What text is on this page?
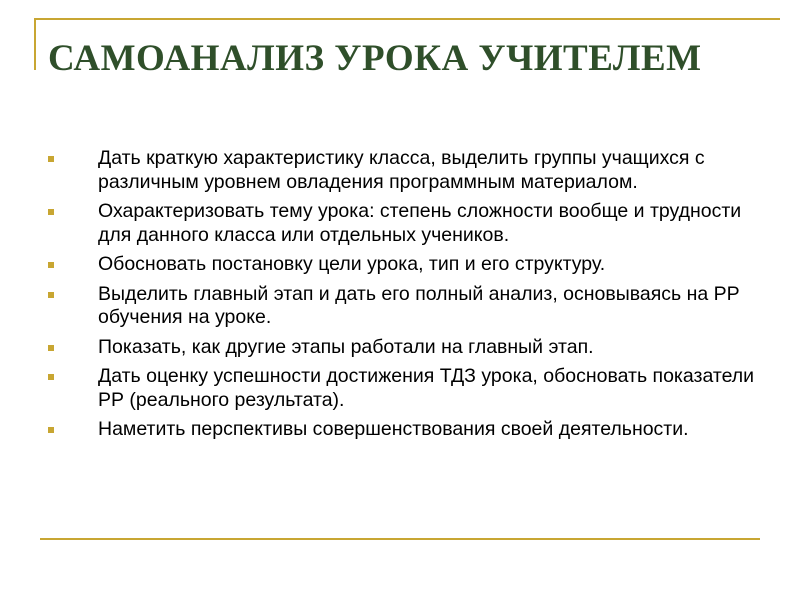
САМОАНАЛИЗ УРОКА УЧИТЕЛЕМ
Дать краткую характеристику класса, выделить группы учащихся с различным уровнем овладения программным материалом.
Охарактеризовать тему урока: степень сложности вообще и трудности для данного класса или отдельных учеников.
Обосновать постановку цели урока, тип и его структуру.
Выделить главный этап и дать его полный анализ, основываясь на РР обучения на уроке.
Показать, как другие этапы работали на главный этап.
Дать оценку успешности достижения ТДЗ урока, обосновать показатели РР (реального результата).
Наметить перспективы совершенствования своей деятельности.
